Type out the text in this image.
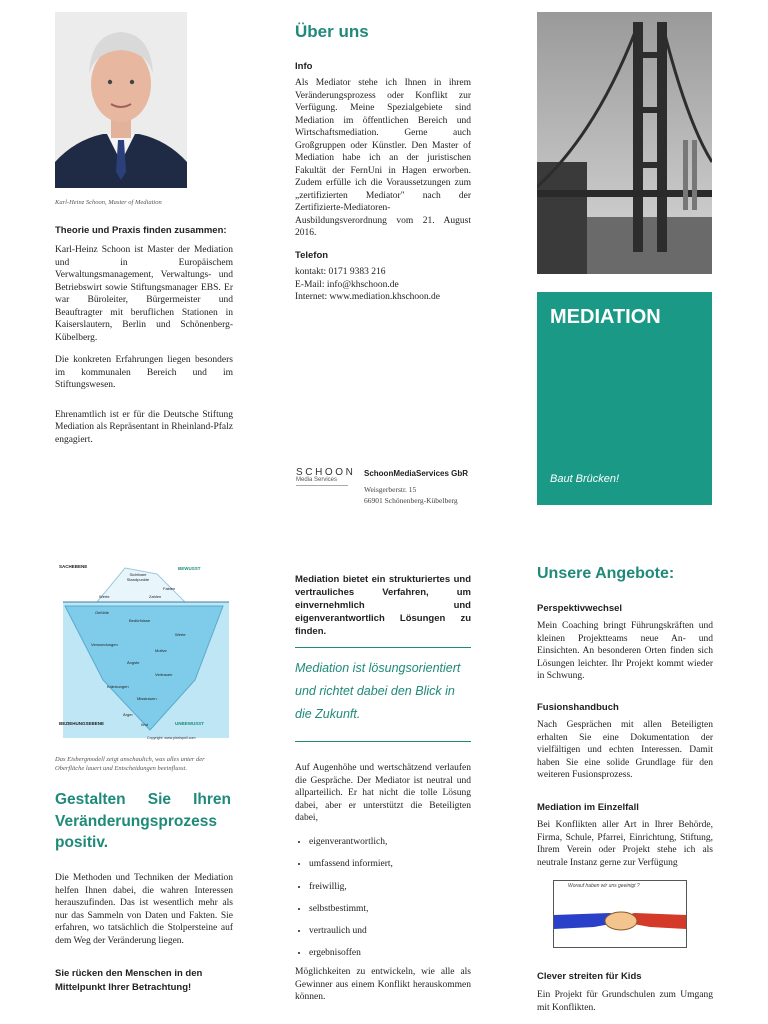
Karl-Heinz Schoon, Master of Mediation
Theorie und Praxis finden zusammen:

Karl-Heinz Schoon ist Master der Mediation und in Europäischem Verwaltungsmanagement, Verwaltungs- und Betriebswirt sowie Stiftungsmanager EBS. Er war Büroleiter, Bürgermeister und Beauftragter mit beruflichen Stationen in Kaiserslautern, Berlin und Schönenberg-Kübelberg.

Die konkreten Erfahrungen liegen besonders im kommunalen Bereich und im Stiftungswesen.

Ehrenamtlich ist er für die Deutsche Stiftung Mediation als Repräsentant in Rheinland-Pfalz engagiert.

Über uns
Info
Als Mediator stehe ich Ihnen in ihrem Veränderungsprozess oder Konflikt zur Verfügung. Meine Spezialgebiete sind Mediation im öffentlichen Bereich und Wirtschaftsmediation. Gerne auch Großgruppen oder Künstler. Den Master of Mediation habe ich an der juristischen Fakultät der FernUni in Hagen erworben. Zudem erfülle ich die Voraussetzungen zum „zertifizierten Mediator" nach der Zertifizierte-Mediatoren-Ausbildungsverordnung vom 21. August 2016.
Telefon
kontakt: 0171 9383 216
E-Mail: info@khschoon.de
Internet: www.mediation.khschoon.de
SCHOON
Media Services
SchoonMediaServices GbR
Weisgerberstr. 15
66901 Schönenberg-Kübelberg
MEDIATION
Baut Brücken!
SACHEBENE	BEWUSST
Sichtbare Standpunkte
Fakten
Zahlen
Werte
Gefühle
Bedürfnisse
Werte
Verwundungen
Motive
Ängste
Vertrauen
Kränkungen
Misstrauen
Ärger
Wut
BEZIEHUNGSEBENE	UNBEWUSST
Copyright: www.pixelspell.com
Das Eisbergmodell zeigt anschaulich, was alles unter der Oberfläche lauert und Entscheidungen beeinflusst.
Gestalten Sie Ihren Veränderungsprozess positiv.
Die Methoden und Techniken der Mediation helfen Ihnen dabei, die wahren Interessen herauszufinden. Das ist wesentlich mehr als nur das Sammeln von Daten und Fakten. Sie erfahren, wo tatsächlich die Stolpersteine auf dem Weg der Veränderung liegen.
Sie rücken den Menschen in den Mittelpunkt Ihrer Betrachtung!
Mediation bietet ein strukturiertes und vertrauliches Verfahren, um einvernehmlich und eigenverantwortlich Lösungen zu finden.
Mediation ist lösungsorientiert und richtet dabei den Blick in die Zukunft.
Auf Augenhöhe und wertschätzend verlaufen die Gespräche. Der Mediator ist neutral und allparteilich. Er hat nicht die tolle Lösung dabei, aber er unterstützt die Beteiligten dabei,
• eigenverantwortlich,
• umfassend informiert,
• freiwillig,
• selbstbestimmt,
• vertraulich und
• ergebnisoffen
Möglichkeiten zu entwickeln, wie alle als Gewinner aus einem Konflikt herauskommen können.
Unsere Angebote:
Perspektivwechsel
Mein Coaching bringt Führungskräften und kleinen Projektteams neue An- und Einsichten. An besonderen Orten finden sich Lösungen leichter. Ihr Projekt kommt wieder in Schwung.
Fusionshandbuch
Nach Gesprächen mit allen Beteiligten erhalten Sie eine Dokumentation der vielfältigen und echten Interessen. Damit haben Sie eine solide Grundlage für den weiteren Fusionsprozess.
Mediation im Einzelfall
Bei Konflikten aller Art in Ihrer Behörde, Firma, Schule, Pfarrei, Einrichtung, Stiftung, Ihrem Verein oder Projekt stehe ich als neutrale Instanz gerne zur Verfügung
Worauf haben wir uns geeinigt ?
Clever streiten für Kids
Ein Projekt für Grundschulen zum Umgang mit Konflikten.
